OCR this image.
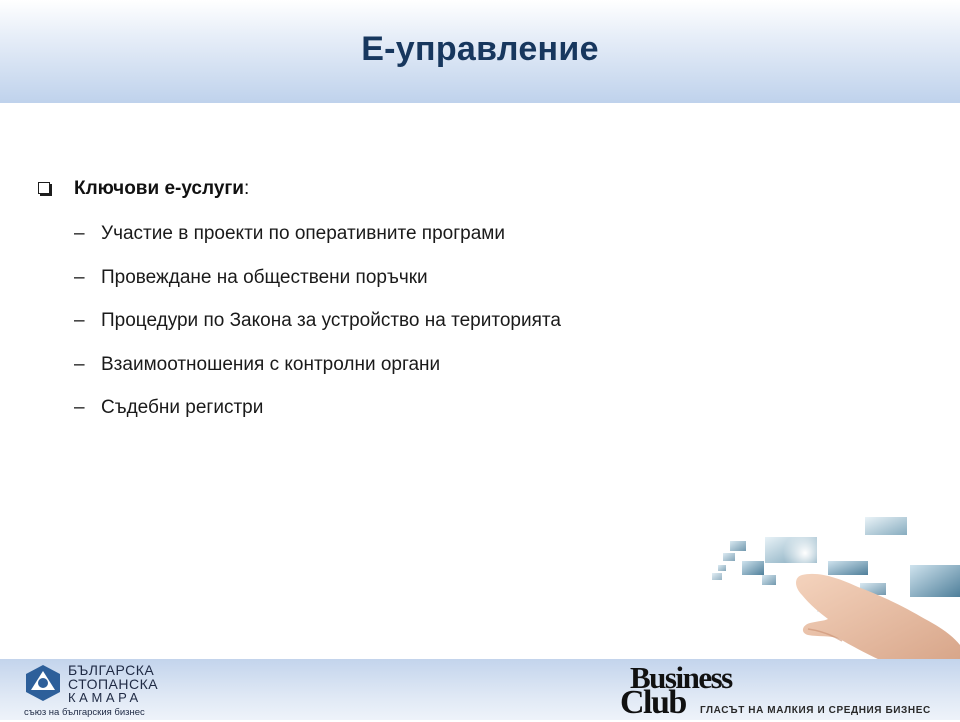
Е-управление
Ключови е-услуги:
– Участие в проекти по оперативните програми
– Провеждане на обществени поръчки
– Процедури по Закона за устройство на територията
– Взаимоотношения с контролни органи
– Съдебни регистри
БЪЛГАРСКА
СТОПАНСКА
КАМАРА
съюз на българския бизнес
Business
Club ГЛАСЪТ НА МАЛКИЯ И СРЕДНИЯ БИЗНЕС
